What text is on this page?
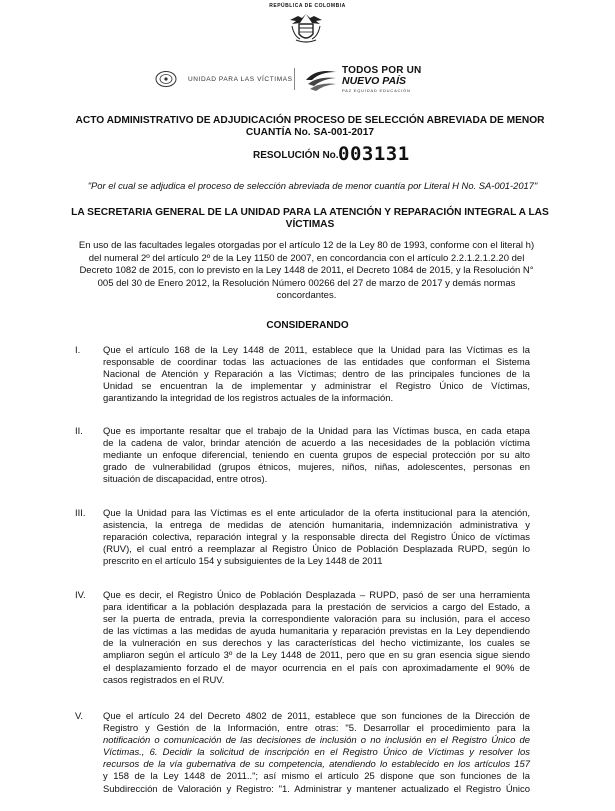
REPÚBLICA DE COLOMBIA
UNIDAD PARA LAS VÍCTIMAS
TODOS POR UN
NUEVO PAÍS
PAZ EQUIDAD EDUCACIÓN
ACTO ADMINISTRATIVO DE ADJUDICACIÓN PROCESO DE SELECCIÓN ABREVIADA DE MENOR
CUANTÍA No. SA-001-2017
RESOLUCIÓN No. 003131
"Por el cual se adjudica el proceso de selección abreviada de menor cuantía por Literal H No. SA-001-2017"
LA SECRETARIA GENERAL DE LA UNIDAD PARA LA ATENCIÓN Y REPARACIÓN INTEGRAL A LAS
VÍCTIMAS
En uso de las facultades legales otorgadas por el artículo 12 de la Ley 80 de 1993, conforme con el literal h)
del numeral 2º del artículo 2º de la Ley 1150 de 2007, en concordancia con el artículo 2.2.1.2.1.2.20 del
Decreto 1082 de 2015, con lo previsto en la Ley 1448 de 2011, el Decreto 1084 de 2015, y la Resolución N°
005 del 30 de Enero 2012, la Resolución Número 00266 del 27 de marzo de 2017 y demás normas
concordantes.
CONSIDERANDO
I. Que el artículo 168 de la Ley 1448 de 2011, establece que la Unidad para las Víctimas es la
responsable de coordinar todas las actuaciones de las entidades que conforman el Sistema
Nacional de Atención y Reparación a las Víctimas; dentro de las principales funciones de la
Unidad se encuentran la de implementar y administrar el Registro Único de Víctimas,
garantizando la integridad de los registros actuales de la información.
II. Que es importante resaltar que el trabajo de la Unidad para las Víctimas busca, en cada etapa
de la cadena de valor, brindar atención de acuerdo a las necesidades de la población víctima
mediante un enfoque diferencial, teniendo en cuenta grupos de especial protección por su alto
grado de vulnerabilidad (grupos étnicos, mujeres, niños, niñas, adolescentes, personas en
situación de discapacidad, entre otros).
III. Que la Unidad para las Víctimas es el ente articulador de la oferta institucional para la atención,
asistencia, la entrega de medidas de atención humanitaria, indemnización administrativa y
reparación colectiva, reparación integral y la responsable directa del Registro Único de víctimas
(RUV), el cual entró a reemplazar al Registro Único de Población Desplazada RUPD, según lo
prescrito en el artículo 154 y subsiguientes de la Ley 1448 de 2011
IV. Que es decir, el Registro Único de Población Desplazada – RUPD, pasó de ser una herramienta
para identificar a la población desplazada para la prestación de servicios a cargo del Estado, a
ser la puerta de entrada, previa la correspondiente valoración para su inclusión, para el acceso
de las víctimas a las medidas de ayuda humanitaria y reparación previstas en la Ley dependiendo
de la vulneración en sus derechos y las características del hecho victimizante, los cuales se
ampliaron según el artículo 3º de la Ley 1448 de 2011, pero que en su gran esencia sigue siendo
el desplazamiento forzado el de mayor ocurrencia en el país con aproximadamente el 90% de
casos registrados en el RUV.
V. Que el artículo 24 del Decreto 4802 de 2011, establece que son funciones de la Dirección de
Registro y Gestión de la Información, entre otras: "5. Desarrollar el procedimiento para la
notificación o comunicación de las decisiones de inclusión o no inclusión en el Registro Único de
Víctimas., 6. Decidir la solicitud de inscripción en el Registro Único de Víctimas y resolver los
recursos de la vía gubernativa de su competencia, atendiendo lo establecido en los artículos 157
y 158 de la Ley 1448 de 2011.."; así mismo el artículo 25 dispone que son funciones de la
Subdirección de Valoración y Registro: "1. Administrar y mantener actualizado el Registro Único
